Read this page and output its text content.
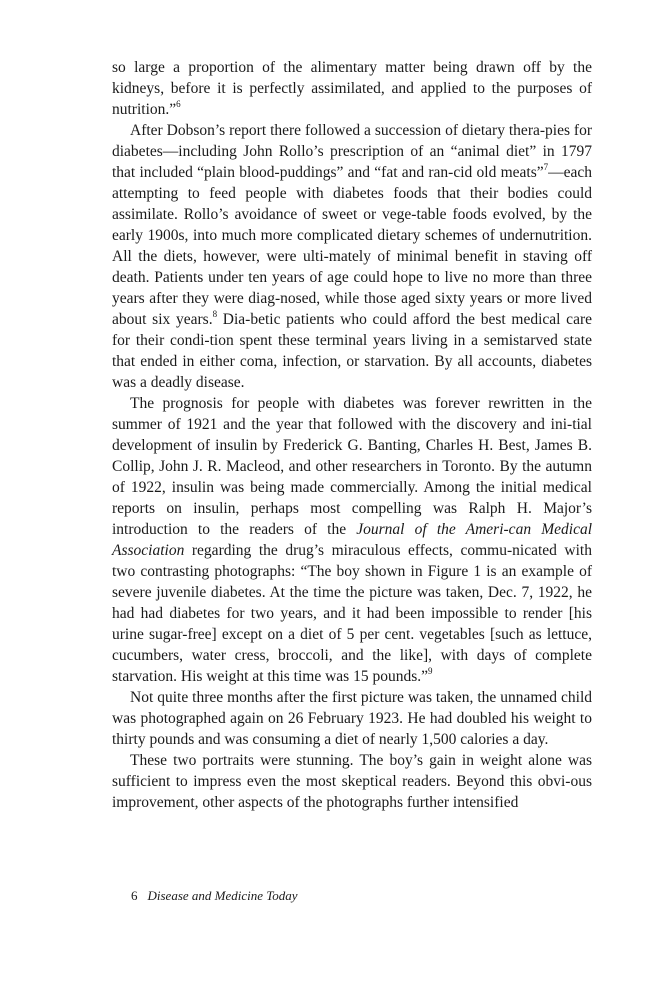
so large a proportion of the alimentary matter being drawn off by the kidneys, before it is perfectly assimilated, and applied to the purposes of nutrition.”$^6$

After Dobson’s report there followed a succession of dietary thera-pies for diabetes—including John Rollo’s prescription of an “animal diet” in 1797 that included “plain blood-puddings” and “fat and ran-cid old meats”$^7$—each attempting to feed people with diabetes foods that their bodies could assimilate. Rollo’s avoidance of sweet or vege-table foods evolved, by the early 1900s, into much more complicated dietary schemes of undernutrition. All the diets, however, were ulti-mately of minimal benefit in staving off death. Patients under ten years of age could hope to live no more than three years after they were diag-nosed, while those aged sixty years or more lived about six years.$^8$ Dia-betic patients who could afford the best medical care for their condi-tion spent these terminal years living in a semistarved state that ended in either coma, infection, or starvation. By all accounts, diabetes was a deadly disease.

The prognosis for people with diabetes was forever rewritten in the summer of 1921 and the year that followed with the discovery and ini-tial development of insulin by Frederick G. Banting, Charles H. Best, James B. Collip, John J. R. Macleod, and other researchers in Toronto. By the autumn of 1922, insulin was being made commercially. Among the initial medical reports on insulin, perhaps most compelling was Ralph H. Major’s introduction to the readers of the Journal of the Ameri-can Medical Association regarding the drug’s miraculous effects, commu-nicated with two contrasting photographs: “The boy shown in Figure 1 is an example of severe juvenile diabetes. At the time the picture was taken, Dec. 7, 1922, he had had diabetes for two years, and it had been impossible to render [his urine sugar-free] except on a diet of 5 per cent. vegetables [such as lettuce, cucumbers, water cress, broccoli, and the like], with days of complete starvation. His weight at this time was 15 pounds.”$^9$

Not quite three months after the first picture was taken, the unnamed child was photographed again on 26 February 1923. He had doubled his weight to thirty pounds and was consuming a diet of nearly 1,500 calories a day.

These two portraits were stunning. The boy’s gain in weight alone was sufficient to impress even the most skeptical readers. Beyond this obvi-ous improvement, other aspects of the photographs further intensified

6 Disease and Medicine Today
